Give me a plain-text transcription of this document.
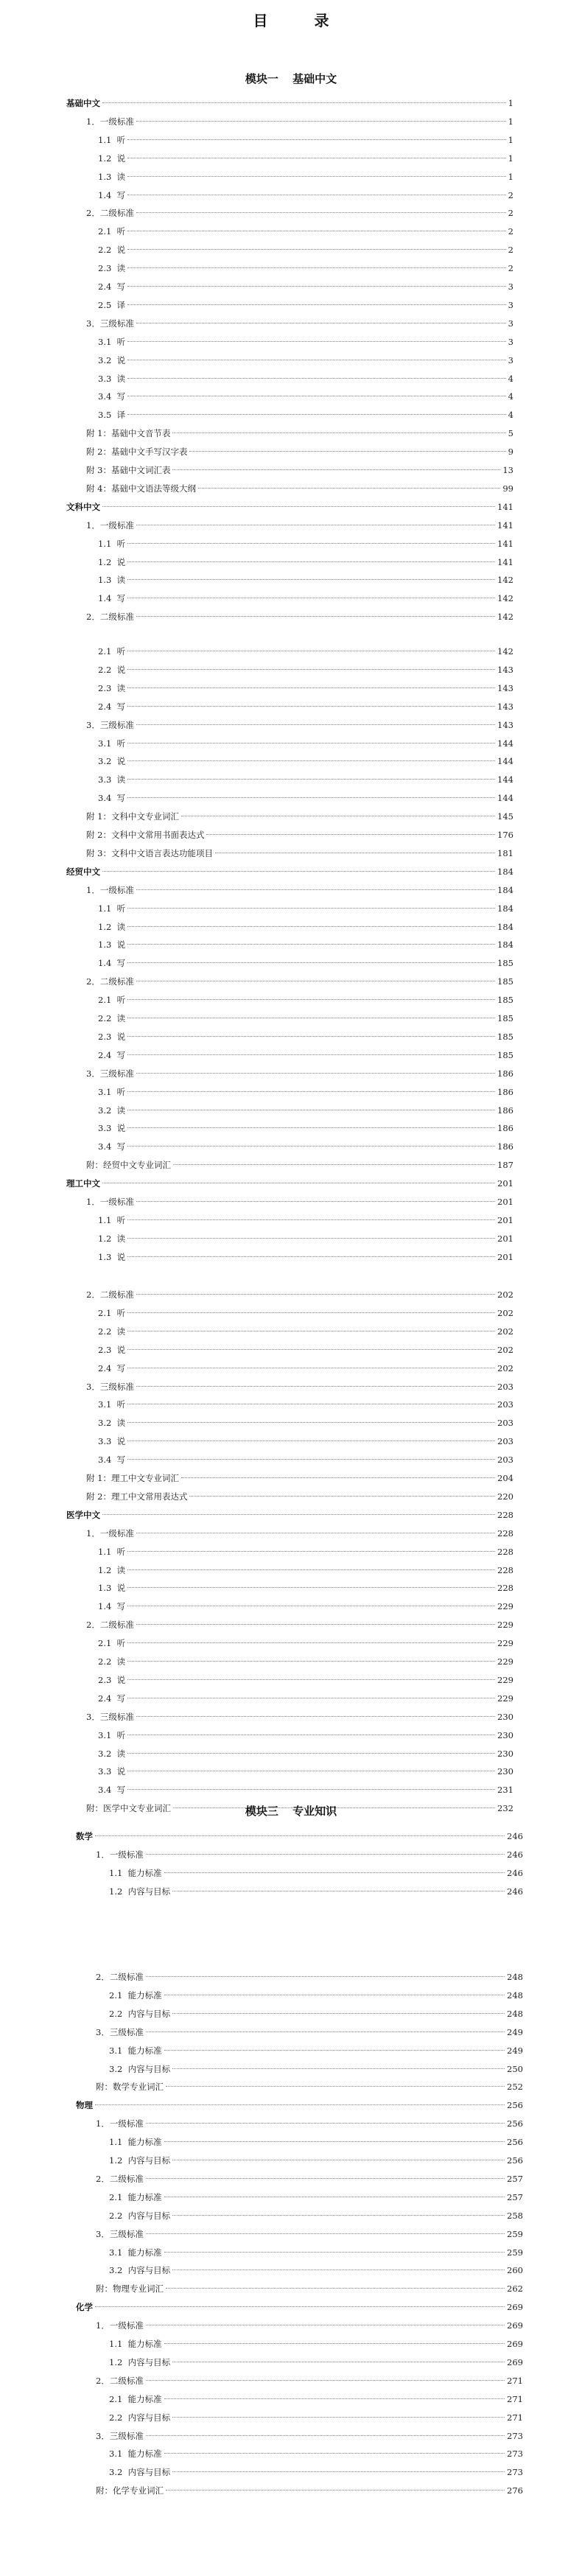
目 录
模块一 基础中文
基础中文	1
1．一级标准	1
1.1  听	1
1.2  说	1
1.3  读	1
1.4  写	2
2．二级标准	2
2.1  听	2
2.2  说	2
2.3  读	2
2.4  写	3
2.5  译	3
3．三级标准	3
3.1  听	3
3.2  说	3
3.3  读	4
3.4  写	4
3.5  译	4
附 1：基础中文音节表	5
附 2：基础中文手写汉字表	9
附 3：基础中文词汇表	13
附 4：基础中文语法等级大纲	99
文科中文	141
1．一级标准	141
1.1  听	141
1.2  说	141
1.3  读	142
1.4  写	142
2．二级标准	142
2.1  听	142
2.2  说	143
2.3  读	143
2.4  写	143
3．三级标准	143
3.1  听	144
3.2  说	144
3.3  读	144
3.4  写	144
附 1：文科中文专业词汇	145
附 2：文科中文常用书面表达式	176
附 3：文科中文语言表达功能项目	181
经贸中文	184
1．一级标准	184
1.1  听	184
1.2  读	184
1.3  说	184
1.4  写	185
2．二级标准	185
2.1  听	185
2.2  读	185
2.3  说	185
2.4  写	185
3．三级标准	186
3.1  听	186
3.2  读	186
3.3  说	186
3.4  写	186
附：经贸中文专业词汇	187
理工中文	201
1．一级标准	201
1.1  听	201
1.2  读	201
1.3  说	201
2．二级标准	202
2.1  听	202
2.2  读	202
2.3  说	202
2.4  写	202
3．三级标准	203
3.1  听	203
3.2  读	203
3.3  说	203
3.4  写	203
附 1：理工中文专业词汇	204
附 2：理工中文常用表达式	220
医学中文	228
1．一级标准	228
1.1  听	228
1.2  读	228
1.3  说	228
1.4  写	229
2．二级标准	229
2.1  听	229
2.2  读	229
2.3  说	229
2.4  写	229
3．三级标准	230
3.1  听	230
3.2  读	230
3.3  说	230
3.4  写	231
附：医学中文专业词汇	232
模块三 专业知识
数学	246
1．一级标准	246
1.1  能力标准	246
1.2  内容与目标	246
2．二级标准	248
2.1  能力标准	248
2.2  内容与目标	248
3．三级标准	249
3.1  能力标准	249
3.2  内容与目标	250
附：数学专业词汇	252
物理	256
1．一级标准	256
1.1  能力标准	256
1.2  内容与目标	256
2．二级标准	257
2.1  能力标准	257
2.2  内容与目标	258
3．三级标准	259
3.1  能力标准	259
3.2  内容与目标	260
附：物理专业词汇	262
化学	269
1．一级标准	269
1.1  能力标准	269
1.2  内容与目标	269
2．二级标准	271
2.1  能力标准	271
2.2  内容与目标	271
3．三级标准	273
3.1  能力标准	273
3.2  内容与目标	273
附：化学专业词汇	276
